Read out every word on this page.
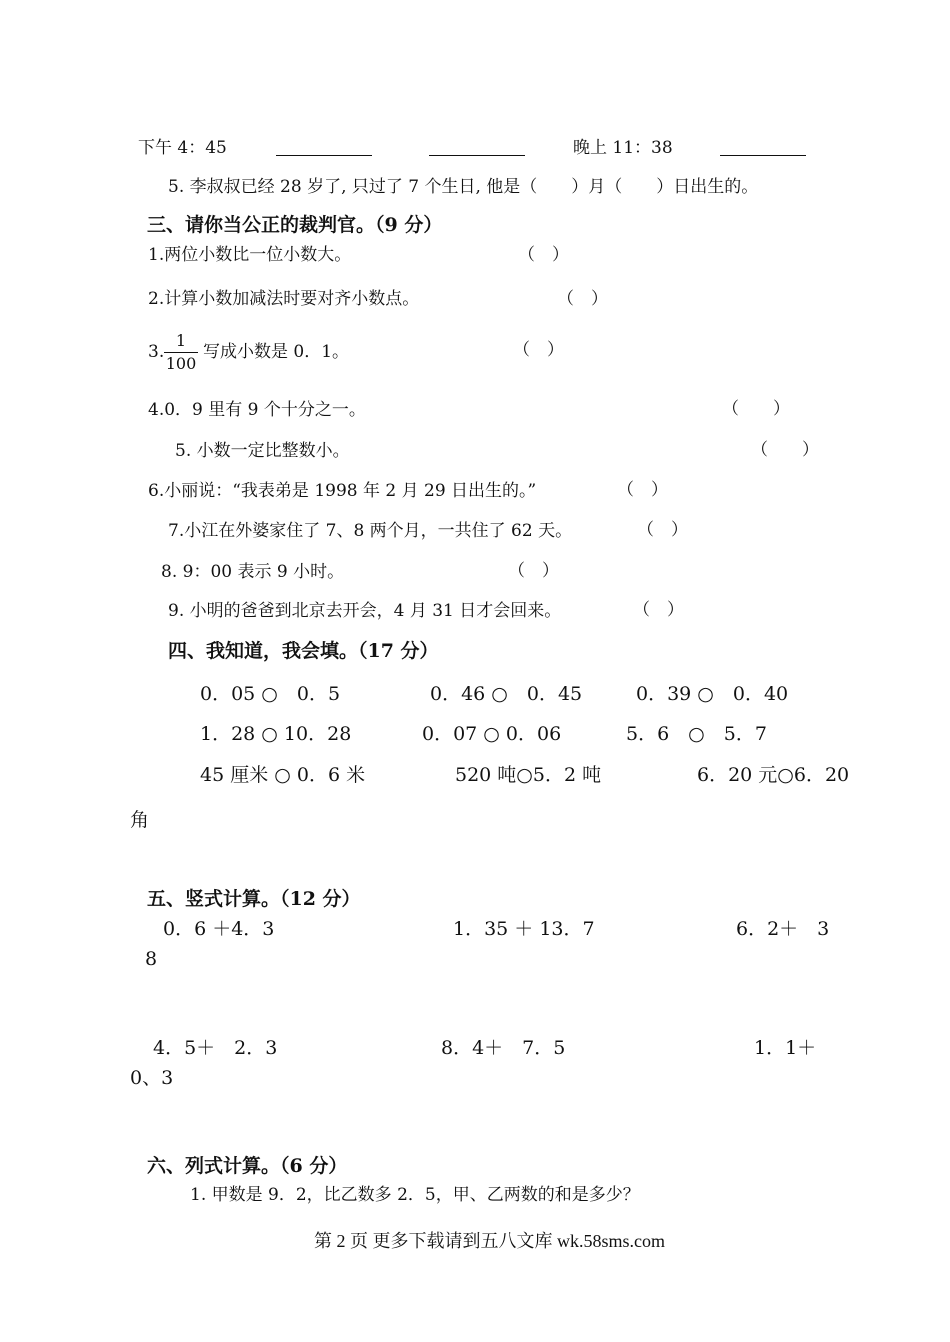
下午 4：45	晚上 11：38
5. 李叔叔已经 28 岁了, 只过了 7 个生日, 他是（　　）月（　　）日出生的。
三、请你当公正的裁判官。（9 分）
1.两位小数比一位小数大。	（　）
2.计算小数加减法时要对齐小数点。	（　）
3.
1
100
写成小数是 0．1。	（　）
4.0．9 里有 9 个十分之一。	（　　）
5. 小数一定比整数小。	（　　）
6.小丽说：“我表弟是 1998 年 2 月 29 日出生的。”	（　）
7.小江在外婆家住了 7、8 两个月，一共住了 62 天。	（　）
8. 9：00 表示 9 小时。	（　）
9. 小明的爸爸到北京去开会，4 月 31 日才会回来。	（　）
四、我知道，我会填。（17 分）
0．05 ○　0．5	0．46 ○　0．45	0．39 ○　0．40
1．28 ○ 10．28	0．07 ○ 0．06	5．6　○　5．7
45 厘米 ○ 0．6 米	520 吨○5．2 吨	6．20 元○6．20
角
五、竖式计算。（12 分）
0．6 ＋4．3	1．35 ＋ 13．7	6．2＋　3
8
4．5＋　2．3	8．4＋　7．5	1．1＋
0、3
六、列式计算。（6 分）
1. 甲数是 9．2，比乙数多 2．5，甲、乙两数的和是多少？
第 2 页 更多下载请到五八文库 wk.58sms.com
